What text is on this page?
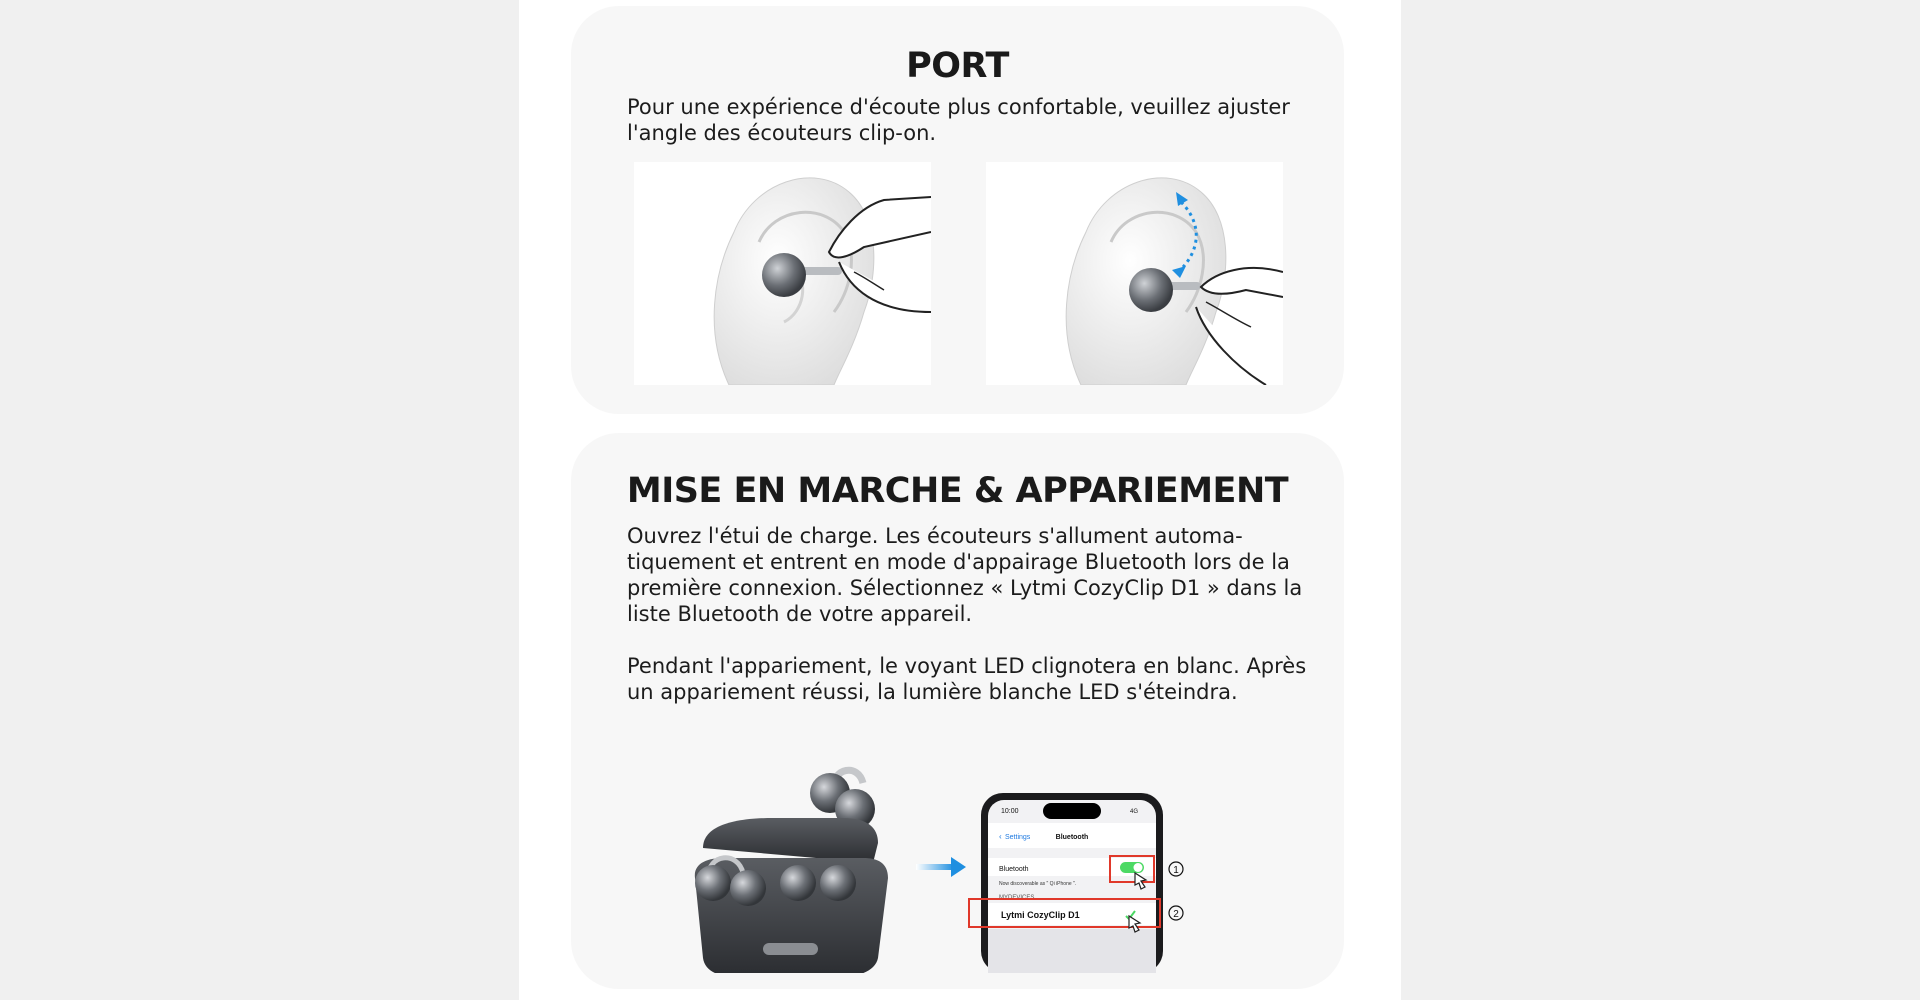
PORT

Pour une expérience d'écoute plus confortable, veuillez ajuster l'angle des écouteurs clip-on.

MISE EN MARCHE & APPARIEMENT

Ouvrez l'étui de charge. Les écouteurs s'allument automa-tiquement et entrent en mode d'appairage Bluetooth lors de la première connexion. Sélectionnez « Lytmi CozyClip D1 » dans la liste Bluetooth de votre appareil.

Pendant l'appariement, le voyant LED clignotera en blanc. Après un appariement réussi, la lumière blanche LED s'éteindra.

10:00	4G
‹ Settings	Bluetooth
Bluetooth
Now discoverable as " Qi iPhone ".
MYDEVICES
Lytmi CozyClip D1
1
2
